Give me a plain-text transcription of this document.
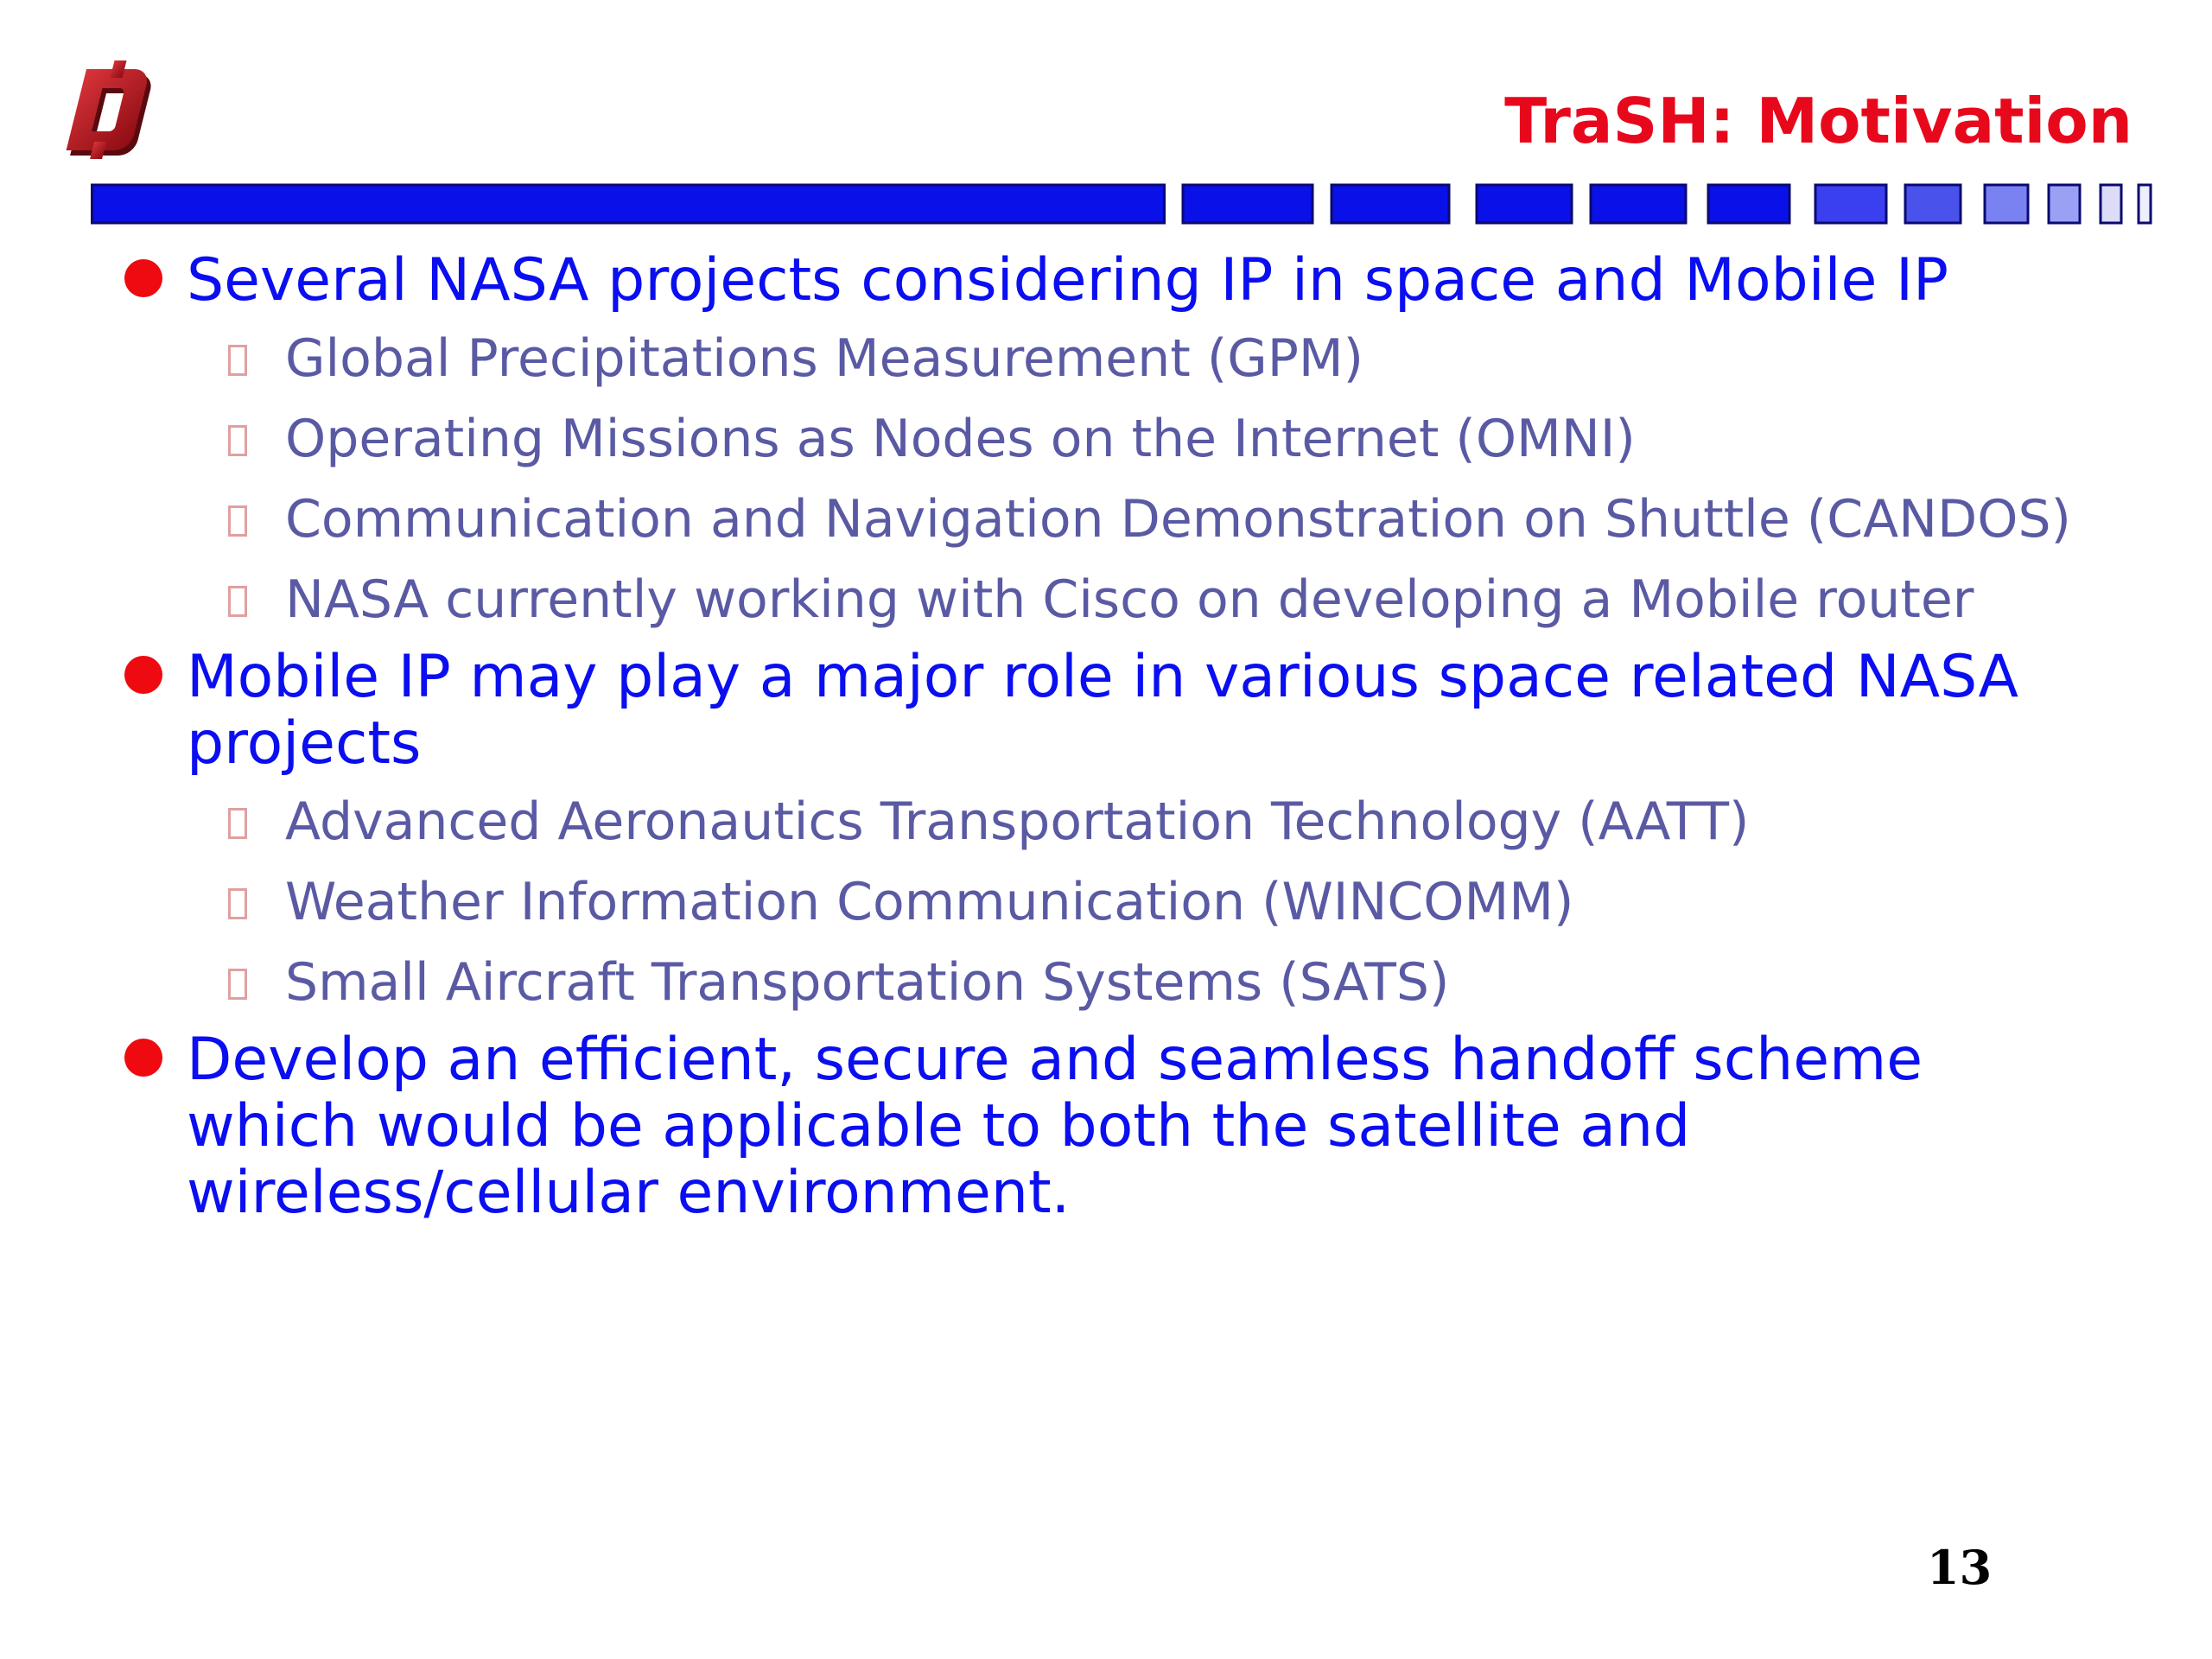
TraSH: Motivation
Several NASA projects considering IP in space and Mobile IP
Global Precipitations Measurement (GPM)
Operating Missions as Nodes on the Internet (OMNI)
Communication and Navigation Demonstration on Shuttle (CANDOS)
NASA currently working with Cisco on developing a Mobile router
Mobile IP may play a major role in various space related NASA projects
Advanced Aeronautics Transportation Technology (AATT)
Weather Information Communication (WINCOMM)
Small Aircraft Transportation Systems (SATS)
Develop an efficient, secure and seamless handoff scheme which would be applicable to both the satellite and wireless/cellular environment.
13
